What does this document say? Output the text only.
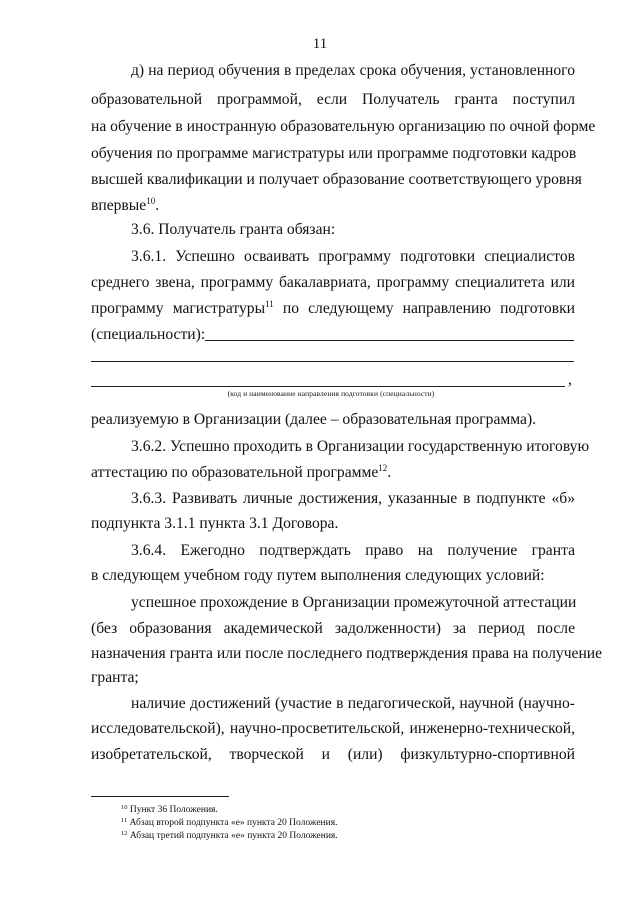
11
д) на период обучения в пределах срока обучения, установленного
образовательной программой, если Получатель гранта поступил
на обучение в иностранную образовательную организацию по очной форме
обучения по программе магистратуры или программе подготовки кадров
высшей квалификации и получает образование соответствующего уровня
впервые$^{10}$.
3.6. Получатель гранта обязан:
3.6.1. Успешно осваивать программу подготовки специалистов
среднего звена, программу бакалавриата, программу специалитета или
программу магистратуры$^{11}$ по следующему направлению подготовки
(специальности):
,
(код и наименование направления подготовки (специальности)
реализуемую в Организации (далее – образовательная программа).
3.6.2. Успешно проходить в Организации государственную итоговую
аттестацию по образовательной программе$^{12}$.
3.6.3. Развивать личные достижения, указанные в подпункте «б»
подпункта 3.1.1 пункта 3.1 Договора.
3.6.4. Ежегодно подтверждать право на получение гранта
в следующем учебном году путем выполнения следующих условий:
успешное прохождение в Организации промежуточной аттестации
(без образования академической задолженности) за период после
назначения гранта или после последнего подтверждения права на получение
гранта;
наличие достижений (участие в педагогической, научной (научно-
исследовательской), научно-просветительской, инженерно-технической,
изобретательской, творческой и (или) физкультурно-спортивной
$^{10}$ Пункт 36 Положения.
$^{11}$ Абзац второй подпункта «е» пункта 20 Положения.
$^{12}$ Абзац третий подпункта «е» пункта 20 Положения.
